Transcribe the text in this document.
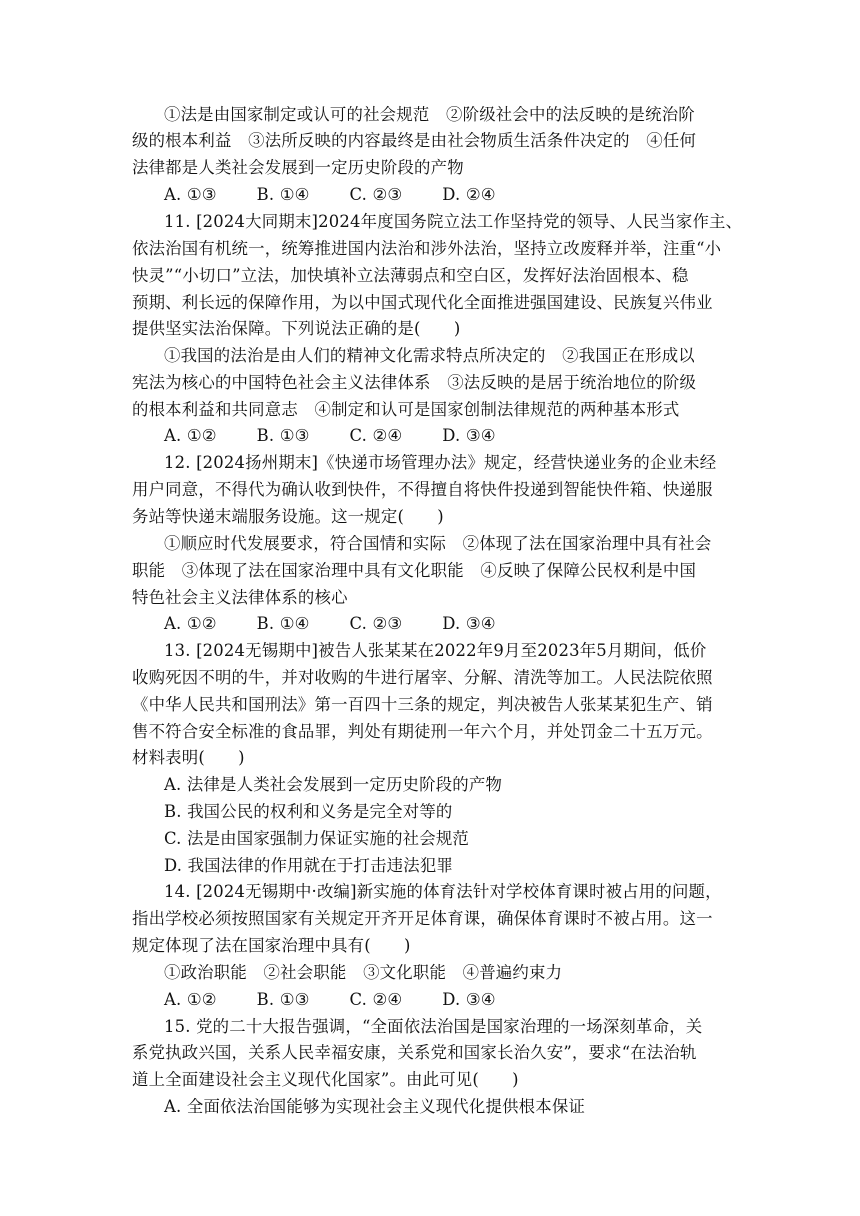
①法是由国家制定或认可的社会规范　②阶级社会中的法反映的是统治阶
级的根本利益　③法所反映的内容最终是由社会物质生活条件决定的　④任何
法律都是人类社会发展到一定历史阶段的产物
A. ①③ B. ①④ C. ②③ D. ②④
11. [2024大同期末]2024年度国务院立法工作坚持党的领导、人民当家作主、
依法治国有机统一，统筹推进国内法治和涉外法治，坚持立改废释并举，注重“小
快灵”“小切口”立法，加快填补立法薄弱点和空白区，发挥好法治固根本、稳
预期、利长远的保障作用，为以中国式现代化全面推进强国建设、民族复兴伟业
提供坚实法治保障。下列说法正确的是(　　)
①我国的法治是由人们的精神文化需求特点所决定的　②我国正在形成以
宪法为核心的中国特色社会主义法律体系　③法反映的是居于统治地位的阶级
的根本利益和共同意志　④制定和认可是国家创制法律规范的两种基本形式
A. ①② B. ①③ C. ②④ D. ③④
12. [2024扬州期末]《快递市场管理办法》规定，经营快递业务的企业未经
用户同意，不得代为确认收到快件，不得擅自将快件投递到智能快件箱、快递服
务站等快递末端服务设施。这一规定(　　)
①顺应时代发展要求，符合国情和实际　②体现了法在国家治理中具有社会
职能　③体现了法在国家治理中具有文化职能　④反映了保障公民权利是中国
特色社会主义法律体系的核心
A. ①② B. ①④ C. ②③ D. ③④
13. [2024无锡期中]被告人张某某在2022年9月至2023年5月期间，低价
收购死因不明的牛，并对收购的牛进行屠宰、分解、清洗等加工。人民法院依照
《中华人民共和国刑法》第一百四十三条的规定，判决被告人张某某犯生产、销
售不符合安全标准的食品罪，判处有期徒刑一年六个月，并处罚金二十五万元。
材料表明(　　)
A. 法律是人类社会发展到一定历史阶段的产物
B. 我国公民的权利和义务是完全对等的
C. 法是由国家强制力保证实施的社会规范
D. 我国法律的作用就在于打击违法犯罪
14. [2024无锡期中·改编]新实施的体育法针对学校体育课时被占用的问题，
指出学校必须按照国家有关规定开齐开足体育课，确保体育课时不被占用。这一
规定体现了法在国家治理中具有(　　)
①政治职能　②社会职能　③文化职能　④普遍约束力
A. ①② B. ①③ C. ②④ D. ③④
15. 党的二十大报告强调，“全面依法治国是国家治理的一场深刻革命，关
系党执政兴国，关系人民幸福安康，关系党和国家长治久安”，要求“在法治轨
道上全面建设社会主义现代化国家”。由此可见(　　)
A. 全面依法治国能够为实现社会主义现代化提供根本保证
